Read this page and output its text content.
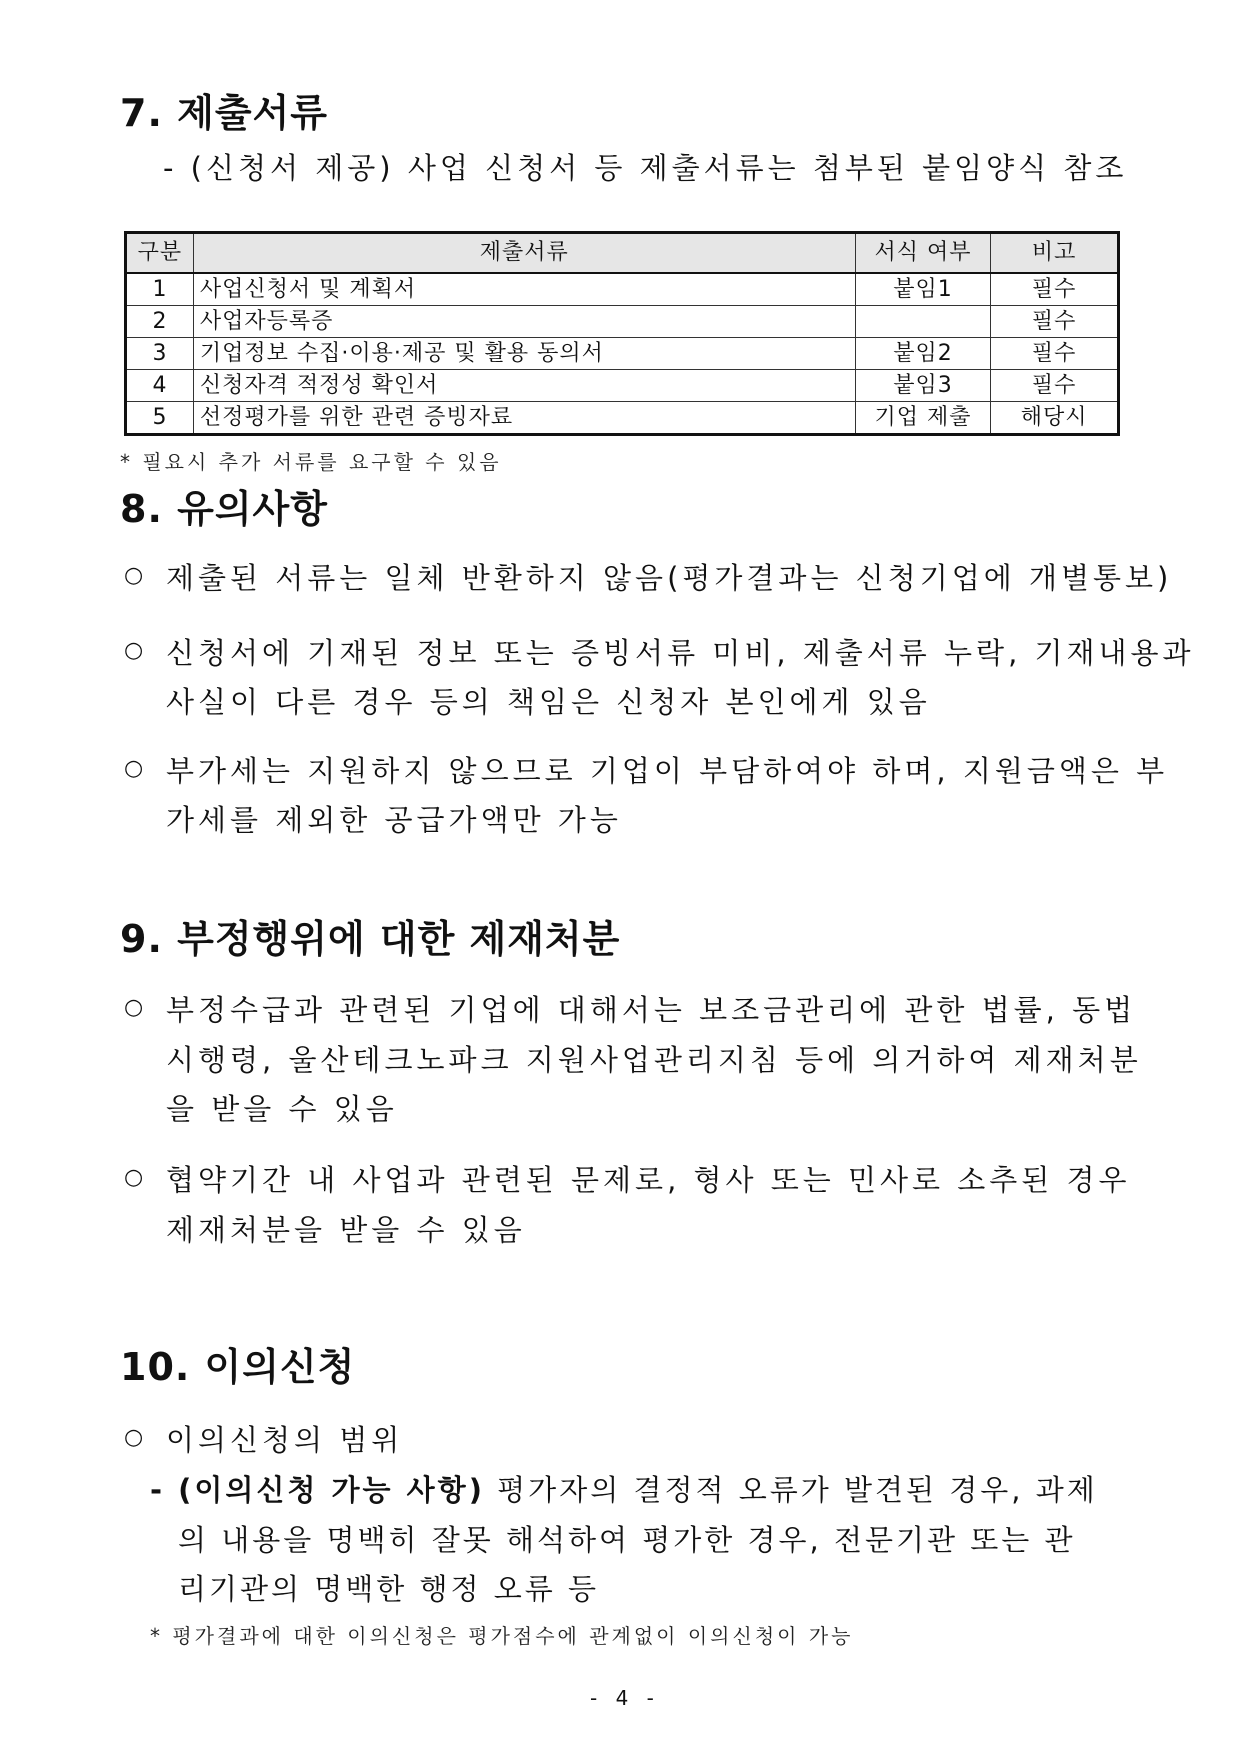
7. 제출서류
- (신청서 제공) 사업 신청서 등 제출서류는 첨부된 붙임양식 참조
구분	제출서류	서식 여부	비고
1	사업신청서 및 계획서	붙임1	필수
2	사업자등록증		필수
3	기업정보 수집·이용·제공 및 활용 동의서	붙임2	필수
4	신청자격 적정성 확인서	붙임3	필수
5	선정평가를 위한 관련 증빙자료	기업 제출	해당시
* 필요시 추가 서류를 요구할 수 있음
8. 유의사항
○ 제출된 서류는 일체 반환하지 않음(평가결과는 신청기업에 개별통보)
○ 신청서에 기재된 정보 또는 증빙서류 미비, 제출서류 누락, 기재내용과
사실이 다른 경우 등의 책임은 신청자 본인에게 있음
○ 부가세는 지원하지 않으므로 기업이 부담하여야 하며, 지원금액은 부
가세를 제외한 공급가액만 가능
9. 부정행위에 대한 제재처분
○ 부정수급과 관련된 기업에 대해서는 보조금관리에 관한 법률, 동법
시행령, 울산테크노파크 지원사업관리지침 등에 의거하여 제재처분
을 받을 수 있음
○ 협약기간 내 사업과 관련된 문제로, 형사 또는 민사로 소추된 경우
제재처분을 받을 수 있음
10. 이의신청
○ 이의신청의 범위
- (이의신청 가능 사항) 평가자의 결정적 오류가 발견된 경우, 과제
의 내용을 명백히 잘못 해석하여 평가한 경우, 전문기관 또는 관
리기관의 명백한 행정 오류 등
* 평가결과에 대한 이의신청은 평가점수에 관계없이 이의신청이 가능
- 4 -
